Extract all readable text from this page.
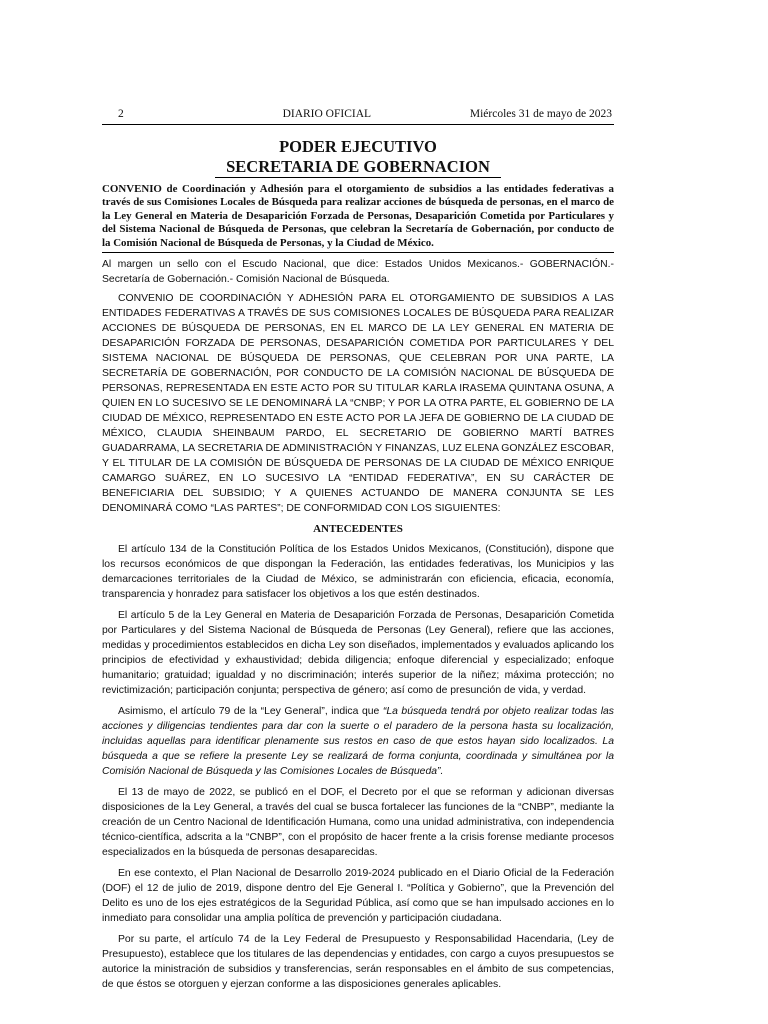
2	DIARIO OFICIAL	Miércoles 31 de mayo de 2023
PODER EJECUTIVO
SECRETARIA DE GOBERNACION

CONVENIO de Coordinación y Adhesión para el otorgamiento de subsidios a las entidades federativas a través de sus Comisiones Locales de Búsqueda para realizar acciones de búsqueda de personas, en el marco de la Ley General en Materia de Desaparición Forzada de Personas, Desaparición Cometida por Particulares y del Sistema Nacional de Búsqueda de Personas, que celebran la Secretaría de Gobernación, por conducto de la Comisión Nacional de Búsqueda de Personas, y la Ciudad de México.

Al margen un sello con el Escudo Nacional, que dice: Estados Unidos Mexicanos.- GOBERNACIÓN.- Secretaría de Gobernación.- Comisión Nacional de Búsqueda.

CONVENIO DE COORDINACIÓN Y ADHESIÓN PARA EL OTORGAMIENTO DE SUBSIDIOS A LAS ENTIDADES FEDERATIVAS A TRAVÉS DE SUS COMISIONES LOCALES DE BÚSQUEDA PARA REALIZAR ACCIONES DE BÚSQUEDA DE PERSONAS, EN EL MARCO DE LA LEY GENERAL EN MATERIA DE DESAPARICIÓN FORZADA DE PERSONAS, DESAPARICIÓN COMETIDA POR PARTICULARES Y DEL SISTEMA NACIONAL DE BÚSQUEDA DE PERSONAS, QUE CELEBRAN POR UNA PARTE, LA SECRETARÍA DE GOBERNACIÓN, POR CONDUCTO DE LA COMISIÓN NACIONAL DE BÚSQUEDA DE PERSONAS, REPRESENTADA EN ESTE ACTO POR SU TITULAR KARLA IRASEMA QUINTANA OSUNA, A QUIEN EN LO SUCESIVO SE LE DENOMINARÁ LA “CNBP; Y POR LA OTRA PARTE, EL GOBIERNO DE LA CIUDAD DE MÉXICO, REPRESENTADO EN ESTE ACTO POR LA JEFA DE GOBIERNO DE LA CIUDAD DE MÉXICO, CLAUDIA SHEINBAUM PARDO, EL SECRETARIO DE GOBIERNO MARTÍ BATRES GUADARRAMA, LA SECRETARIA DE ADMINISTRACIÓN Y FINANZAS, LUZ ELENA GONZÁLEZ ESCOBAR, Y EL TITULAR DE LA COMISIÓN DE BÚSQUEDA DE PERSONAS DE LA CIUDAD DE MÉXICO ENRIQUE CAMARGO SUÁREZ, EN LO SUCESIVO LA “ENTIDAD FEDERATIVA”, EN SU CARÁCTER DE BENEFICIARIA DEL SUBSIDIO; Y A QUIENES ACTUANDO DE MANERA CONJUNTA SE LES DENOMINARÁ COMO “LAS PARTES”; DE CONFORMIDAD CON LOS SIGUIENTES:

ANTECEDENTES

El artículo 134 de la Constitución Política de los Estados Unidos Mexicanos, (Constitución), dispone que los recursos económicos de que dispongan la Federación, las entidades federativas, los Municipios y las demarcaciones territoriales de la Ciudad de México, se administrarán con eficiencia, eficacia, economía, transparencia y honradez para satisfacer los objetivos a los que estén destinados.

El artículo 5 de la Ley General en Materia de Desaparición Forzada de Personas, Desaparición Cometida por Particulares y del Sistema Nacional de Búsqueda de Personas (Ley General), refiere que las acciones, medidas y procedimientos establecidos en dicha Ley son diseñados, implementados y evaluados aplicando los principios de efectividad y exhaustividad; debida diligencia; enfoque diferencial y especializado; enfoque humanitario; gratuidad; igualdad y no discriminación; interés superior de la niñez; máxima protección; no revictimización; participación conjunta; perspectiva de género; así como de presunción de vida, y verdad.

Asimismo, el artículo 79 de la “Ley General”, indica que “La búsqueda tendrá por objeto realizar todas las acciones y diligencias tendientes para dar con la suerte o el paradero de la persona hasta su localización, incluidas aquellas para identificar plenamente sus restos en caso de que estos hayan sido localizados. La búsqueda a que se refiere la presente Ley se realizará de forma conjunta, coordinada y simultánea por la Comisión Nacional de Búsqueda y las Comisiones Locales de Búsqueda”.

El 13 de mayo de 2022, se publicó en el DOF, el Decreto por el que se reforman y adicionan diversas disposiciones de la Ley General, a través del cual se busca fortalecer las funciones de la “CNBP”, mediante la creación de un Centro Nacional de Identificación Humana, como una unidad administrativa, con independencia técnico-científica, adscrita a la “CNBP”, con el propósito de hacer frente a la crisis forense mediante procesos especializados en la búsqueda de personas desaparecidas.

En ese contexto, el Plan Nacional de Desarrollo 2019-2024 publicado en el Diario Oficial de la Federación (DOF) el 12 de julio de 2019, dispone dentro del Eje General I. “Política y Gobierno”, que la Prevención del Delito es uno de los ejes estratégicos de la Seguridad Pública, así como que se han impulsado acciones en lo inmediato para consolidar una amplia política de prevención y participación ciudadana.

Por su parte, el artículo 74 de la Ley Federal de Presupuesto y Responsabilidad Hacendaria, (Ley de Presupuesto), establece que los titulares de las dependencias y entidades, con cargo a cuyos presupuestos se autorice la ministración de subsidios y transferencias, serán responsables en el ámbito de sus competencias, de que éstos se otorguen y ejerzan conforme a las disposiciones generales aplicables.
